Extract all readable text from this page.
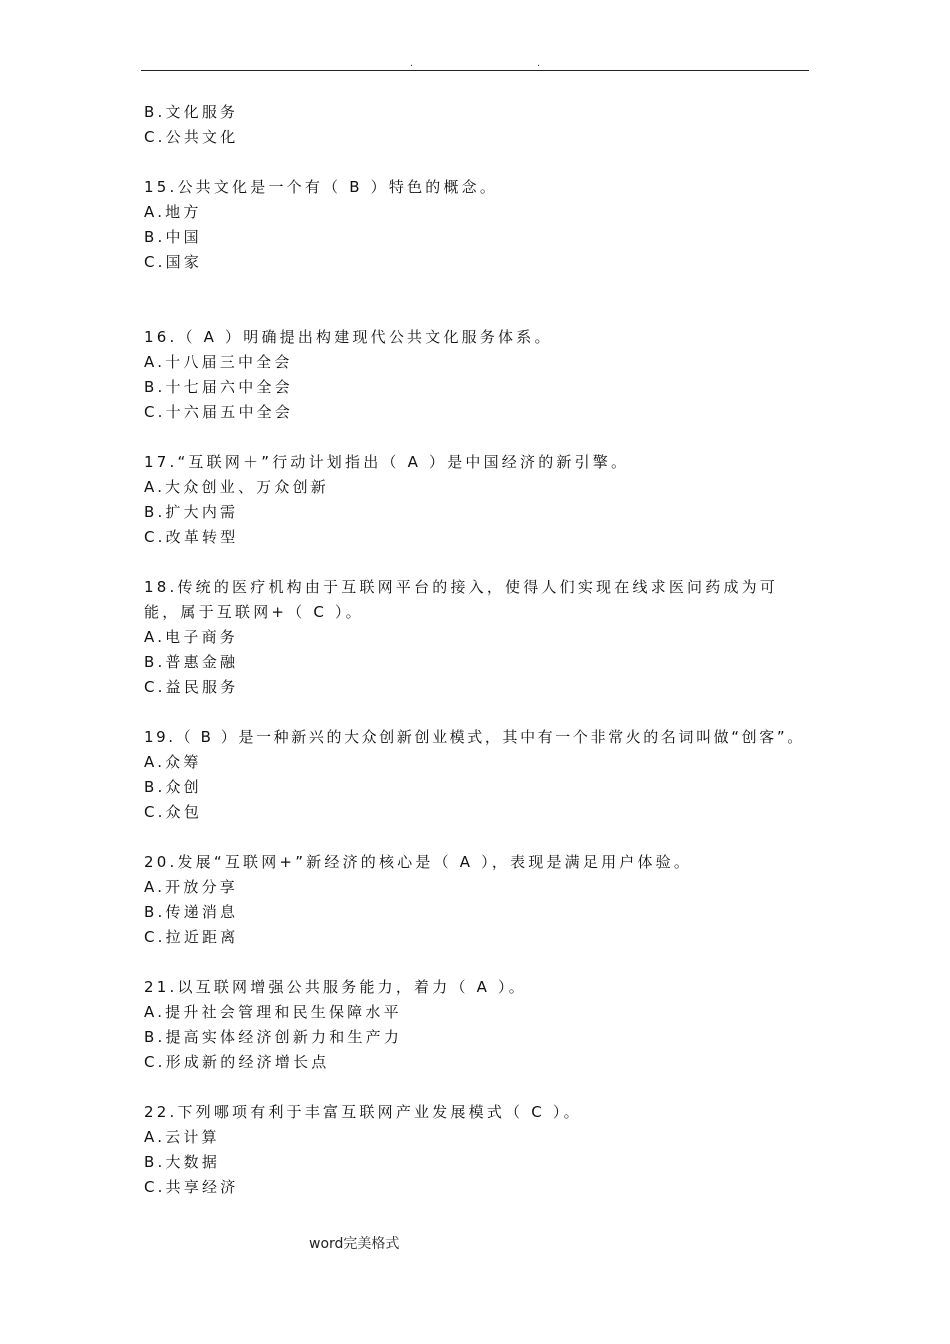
.	.
B.文化服务
C.公共文化
15.公共文化是一个有（ B ）特色的概念。
A.地方
B.中国
C.国家
16.（ A ）明确提出构建现代公共文化服务体系。
A.十八届三中全会
B.十七届六中全会
C.十六届五中全会
17.“互联网＋”行动计划指出（ A ）是中国经济的新引擎。
A.大众创业、万众创新
B.扩大内需
C.改革转型
18.传统的医疗机构由于互联网平台的接入，使得人们实现在线求医问药成为可能，属于互联网+（ C ）。
A.电子商务
B.普惠金融
C.益民服务
19.（ B ）是一种新兴的大众创新创业模式，其中有一个非常火的名词叫做“创客”。
A.众筹
B.众创
C.众包
20.发展“互联网+”新经济的核心是（ A ），表现是满足用户体验。
A.开放分享
B.传递消息
C.拉近距离
21.以互联网增强公共服务能力，着力（ A ）。
A.提升社会管理和民生保障水平
B.提高实体经济创新力和生产力
C.形成新的经济增长点
22.下列哪项有利于丰富互联网产业发展模式（ C ）。
A.云计算
B.大数据
C.共享经济
word完美格式
